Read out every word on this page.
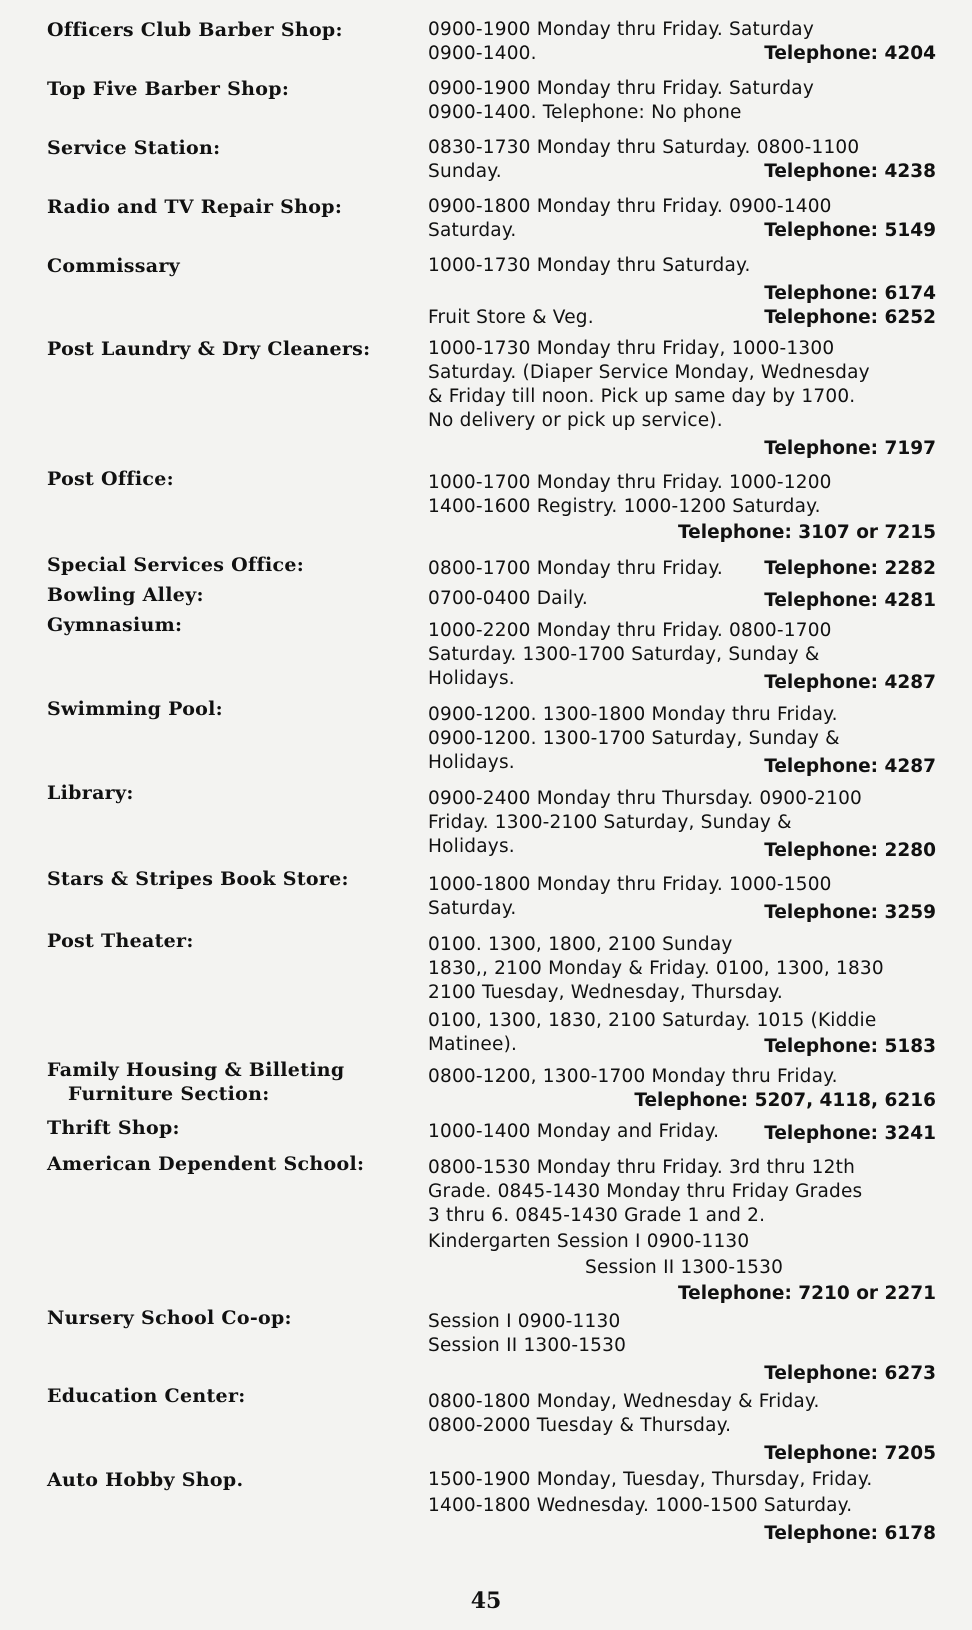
Officers Club Barber Shop:	0900-1900 Monday thru Friday. Saturday
0900-1400.	Telephone: 4204
Top Five Barber Shop:	0900-1900 Monday thru Friday. Saturday
0900-1400. Telephone: No phone
Service Station:	0830-1730 Monday thru Saturday. 0800-1100
Sunday.	Telephone: 4238
Radio and TV Repair Shop:	0900-1800 Monday thru Friday. 0900-1400
Saturday.	Telephone: 5149
Commissary	1000-1730 Monday thru Saturday.
Telephone: 6174
Fruit Store & Veg.	Telephone: 6252
Post Laundry & Dry Cleaners:	1000-1730 Monday thru Friday, 1000-1300
Saturday. (Diaper Service Monday, Wednesday
& Friday till noon. Pick up same day by 1700.
No delivery or pick up service).
Telephone: 7197
Post Office:	1000-1700 Monday thru Friday. 1000-1200
1400-1600 Registry. 1000-1200 Saturday.
Telephone: 3107 or 7215
Special Services Office:	0800-1700 Monday thru Friday. Telephone: 2282
Bowling Alley:	0700-0400 Daily.	Telephone: 4281
Gymnasium:	1000-2200 Monday thru Friday. 0800-1700
Saturday. 1300-1700 Saturday, Sunday &
Holidays.	Telephone: 4287
Swimming Pool:	0900-1200. 1300-1800 Monday thru Friday.
0900-1200. 1300-1700 Saturday, Sunday &
Holidays.	Telephone: 4287
Library:	0900-2400 Monday thru Thursday. 0900-2100
Friday. 1300-2100 Saturday, Sunday &
Holidays.	Telephone: 2280
Stars & Stripes Book Store:	1000-1800 Monday thru Friday. 1000-1500
Saturday.	Telephone: 3259
Post Theater:	0100. 1300, 1800, 2100 Sunday
1830,, 2100 Monday & Friday. 0100, 1300, 1830
2100 Tuesday, Wednesday, Thursday.
0100, 1300, 1830, 2100 Saturday. 1015 (Kiddie
Matinee).	Telephone: 5183
Family Housing & Billeting
Furniture Section:
0800-1200, 1300-1700 Monday thru Friday.
Telephone: 5207, 4118, 6216
Thrift Shop:	1000-1400 Monday and Friday. Telephone: 3241
American Dependent School:	0800-1530 Monday thru Friday. 3rd thru 12th
Grade. 0845-1430 Monday thru Friday Grades
3 thru 6. 0845-1430 Grade 1 and 2.
Kindergarten Session I 0900-1130
Session II 1300-1530
Telephone: 7210 or 2271
Nursery School Co-op:	Session I 0900-1130
Session II 1300-1530
Telephone: 6273
Education Center:	0800-1800 Monday, Wednesday & Friday.
0800-2000 Tuesday & Thursday.
Telephone: 7205
Auto Hobby Shop.	1500-1900 Monday, Tuesday, Thursday, Friday.
1400-1800 Wednesday. 1000-1500 Saturday.
Telephone: 6178
45
